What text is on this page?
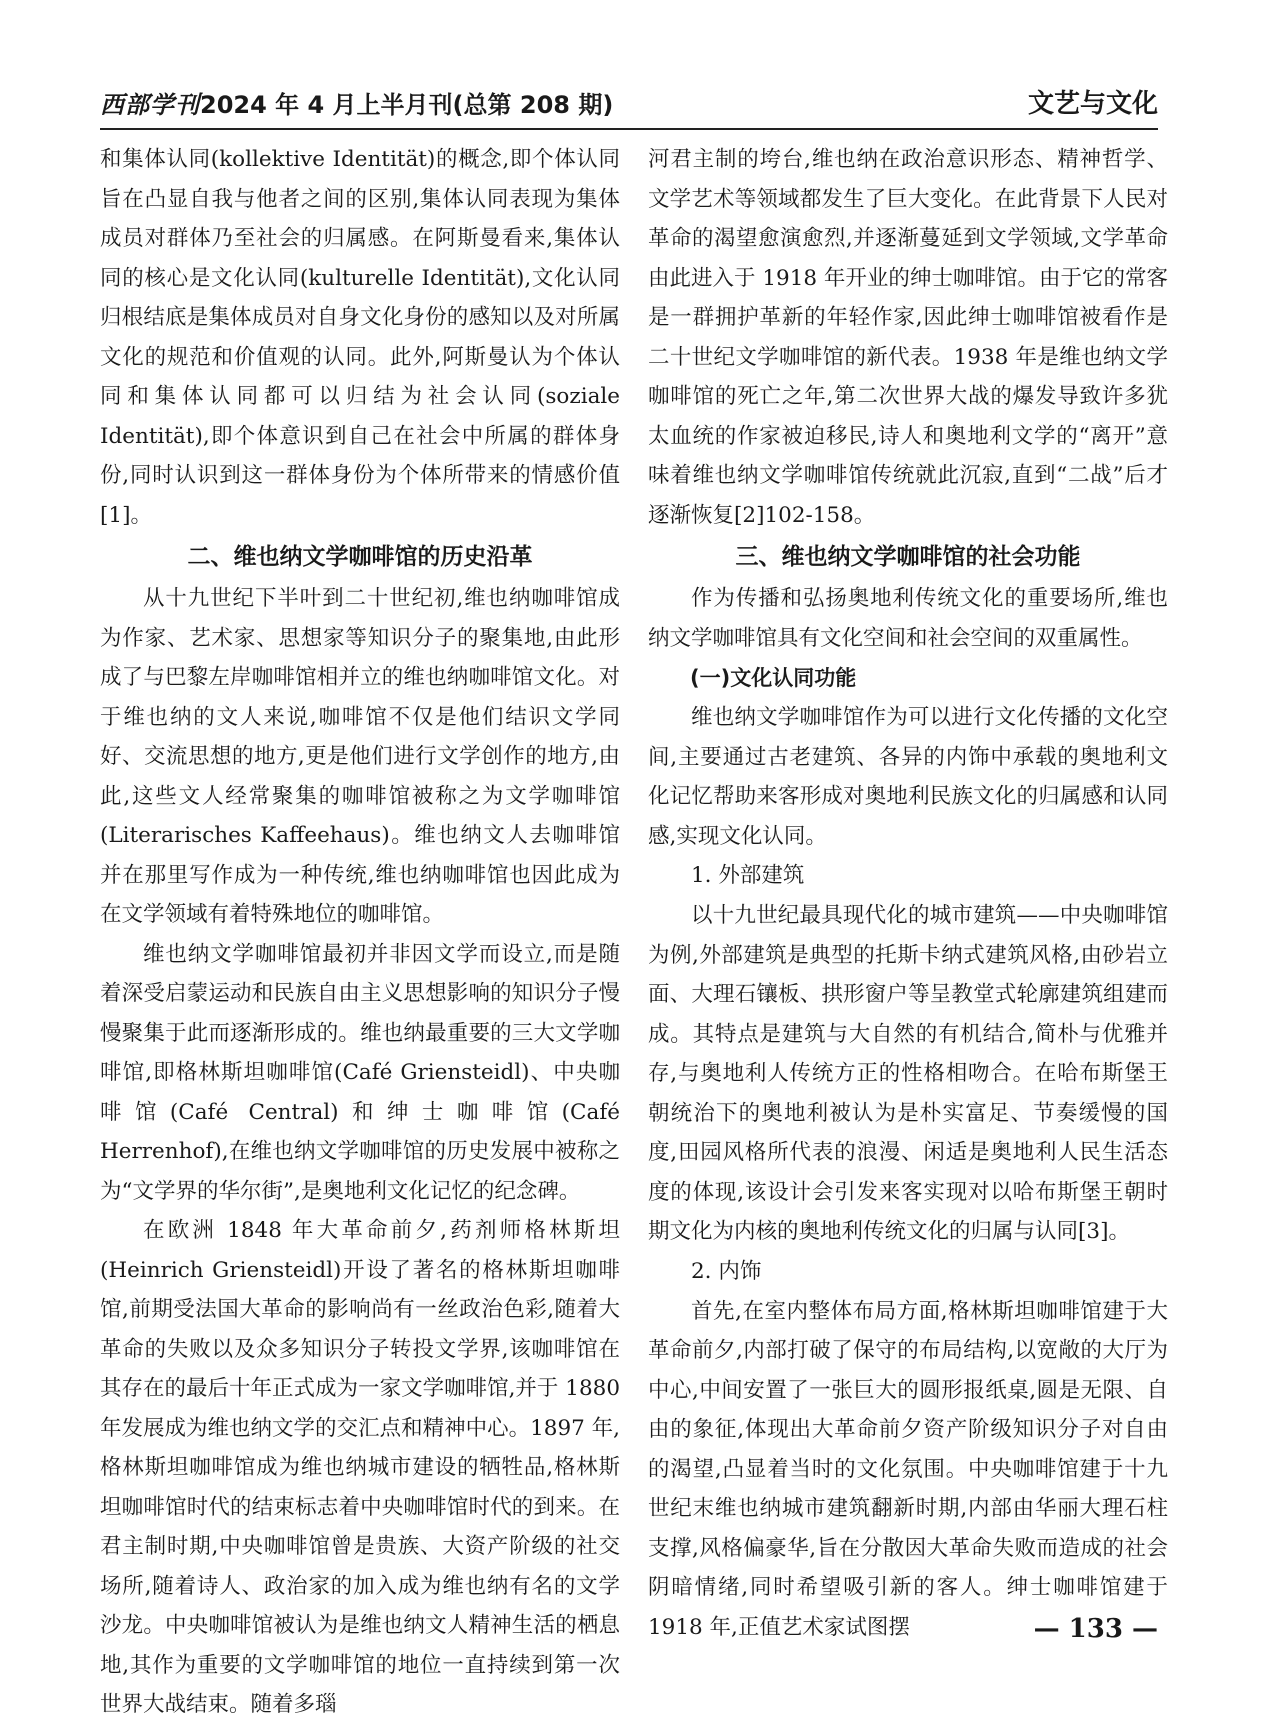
西部学刊2024 年 4 月上半月刊(总第 208 期)	文艺与文化

和集体认同(kollektive Identität)的概念,即个体认同旨在凸显自我与他者之间的区别,集体认同表现为集体成员对群体乃至社会的归属感。在阿斯曼看来,集体认同的核心是文化认同(kulturelle Identität),文化认同归根结底是集体成员对自身文化身份的感知以及对所属文化的规范和价值观的认同。此外,阿斯曼认为个体认同和集体认同都可以归结为社会认同(soziale Identität),即个体意识到自己在社会中所属的群体身份,同时认识到这一群体身份为个体所带来的情感价值[1]。

二、维也纳文学咖啡馆的历史沿革

从十九世纪下半叶到二十世纪初,维也纳咖啡馆成为作家、艺术家、思想家等知识分子的聚集地,由此形成了与巴黎左岸咖啡馆相并立的维也纳咖啡馆文化。对于维也纳的文人来说,咖啡馆不仅是他们结识文学同好、交流思想的地方,更是他们进行文学创作的地方,由此,这些文人经常聚集的咖啡馆被称之为文学咖啡馆(Literarisches Kaffeehaus)。维也纳文人去咖啡馆并在那里写作成为一种传统,维也纳咖啡馆也因此成为在文学领域有着特殊地位的咖啡馆。

维也纳文学咖啡馆最初并非因文学而设立,而是随着深受启蒙运动和民族自由主义思想影响的知识分子慢慢聚集于此而逐渐形成的。维也纳最重要的三大文学咖啡馆,即格林斯坦咖啡馆(Café Griensteidl)、中央咖啡馆(Café Central)和绅士咖啡馆(Café Herrenhof),在维也纳文学咖啡馆的历史发展中被称之为“文学界的华尔街”,是奥地利文化记忆的纪念碑。

在欧洲 1848 年大革命前夕,药剂师格林斯坦(Heinrich Griensteidl)开设了著名的格林斯坦咖啡馆,前期受法国大革命的影响尚有一丝政治色彩,随着大革命的失败以及众多知识分子转投文学界,该咖啡馆在其存在的最后十年正式成为一家文学咖啡馆,并于 1880 年发展成为维也纳文学的交汇点和精神中心。1897 年,格林斯坦咖啡馆成为维也纳城市建设的牺牲品,格林斯坦咖啡馆时代的结束标志着中央咖啡馆时代的到来。在君主制时期,中央咖啡馆曾是贵族、大资产阶级的社交场所,随着诗人、政治家的加入成为维也纳有名的文学沙龙。中央咖啡馆被认为是维也纳文人精神生活的栖息地,其作为重要的文学咖啡馆的地位一直持续到第一次世界大战结束。随着多瑙

河君主制的垮台,维也纳在政治意识形态、精神哲学、文学艺术等领域都发生了巨大变化。在此背景下人民对革命的渴望愈演愈烈,并逐渐蔓延到文学领域,文学革命由此进入于 1918 年开业的绅士咖啡馆。由于它的常客是一群拥护革新的年轻作家,因此绅士咖啡馆被看作是二十世纪文学咖啡馆的新代表。1938 年是维也纳文学咖啡馆的死亡之年,第二次世界大战的爆发导致许多犹太血统的作家被迫移民,诗人和奥地利文学的“离开”意味着维也纳文学咖啡馆传统就此沉寂,直到“二战”后才逐渐恢复[2]102-158。

三、维也纳文学咖啡馆的社会功能

作为传播和弘扬奥地利传统文化的重要场所,维也纳文学咖啡馆具有文化空间和社会空间的双重属性。

(一)文化认同功能

维也纳文学咖啡馆作为可以进行文化传播的文化空间,主要通过古老建筑、各异的内饰中承载的奥地利文化记忆帮助来客形成对奥地利民族文化的归属感和认同感,实现文化认同。

1. 外部建筑

以十九世纪最具现代化的城市建筑——中央咖啡馆为例,外部建筑是典型的托斯卡纳式建筑风格,由砂岩立面、大理石镶板、拱形窗户等呈教堂式轮廓建筑组建而成。其特点是建筑与大自然的有机结合,简朴与优雅并存,与奥地利人传统方正的性格相吻合。在哈布斯堡王朝统治下的奥地利被认为是朴实富足、节奏缓慢的国度,田园风格所代表的浪漫、闲适是奥地利人民生活态度的体现,该设计会引发来客实现对以哈布斯堡王朝时期文化为内核的奥地利传统文化的归属与认同[3]。

2. 内饰

首先,在室内整体布局方面,格林斯坦咖啡馆建于大革命前夕,内部打破了保守的布局结构,以宽敞的大厅为中心,中间安置了一张巨大的圆形报纸桌,圆是无限、自由的象征,体现出大革命前夕资产阶级知识分子对自由的渴望,凸显着当时的文化氛围。中央咖啡馆建于十九世纪末维也纳城市建筑翻新时期,内部由华丽大理石柱支撑,风格偏豪华,旨在分散因大革命失败而造成的社会阴暗情绪,同时希望吸引新的客人。绅士咖啡馆建于 1918 年,正值艺术家试图摆	— 133 —
